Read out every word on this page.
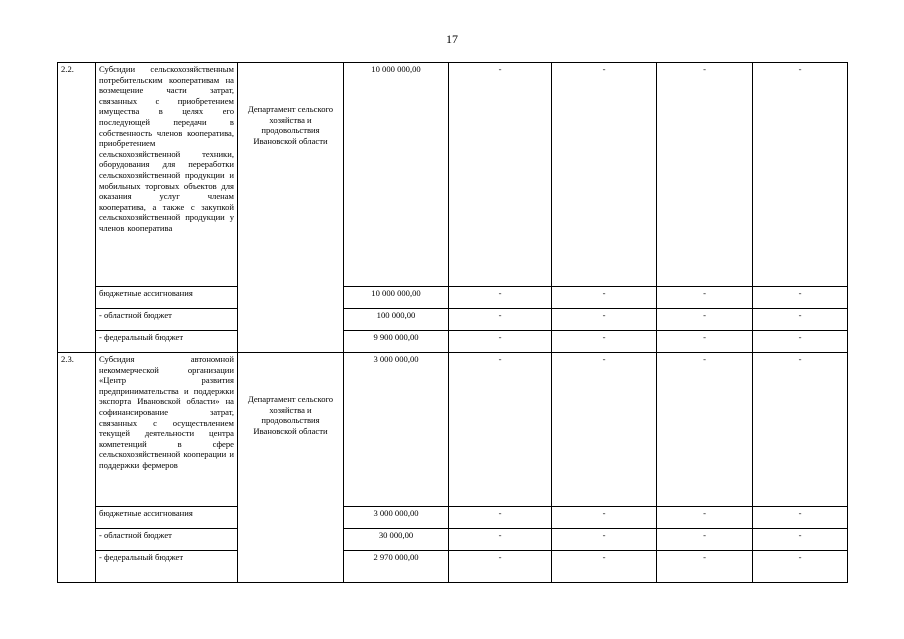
17
2.2.	Субсидии сельскохозяйственным потребительским кооперативам на возмещение части затрат, связанных с приобретением имущества в целях его последующей передачи в собственность членов кооператива, приобретением сельскохозяйственной техники, оборудования для переработки сельскохозяйственной продукции и мобильных торговых объектов для оказания услуг членам кооператива, а также с закупкой сельскохозяйственной продукции у членов кооператива	Департамент сельского хозяйства и продовольствия Ивановской области	10 000 000,00	-	-	-	-
	бюджетные ассигнования		10 000 000,00	-	-	-	-
	- областной бюджет		100 000,00	-	-	-	-
	- федеральный бюджет		9 900 000,00	-	-	-	-
2.3.	Субсидия автономной некоммерческой организации «Центр развития предпринимательства и поддержки экспорта Ивановской области» на софинансирование затрат, связанных с осуществлением текущей деятельности центра компетенций в сфере сельскохозяйственной кооперации и поддержки фермеров	Департамент сельского хозяйства и продовольствия Ивановской области	3 000 000,00	-	-	-	-
	бюджетные ассигнования		3 000 000,00	-	-	-	-
	- областной бюджет		30 000,00	-	-	-	-
	- федеральный бюджет		2 970 000,00	-	-	-	-
